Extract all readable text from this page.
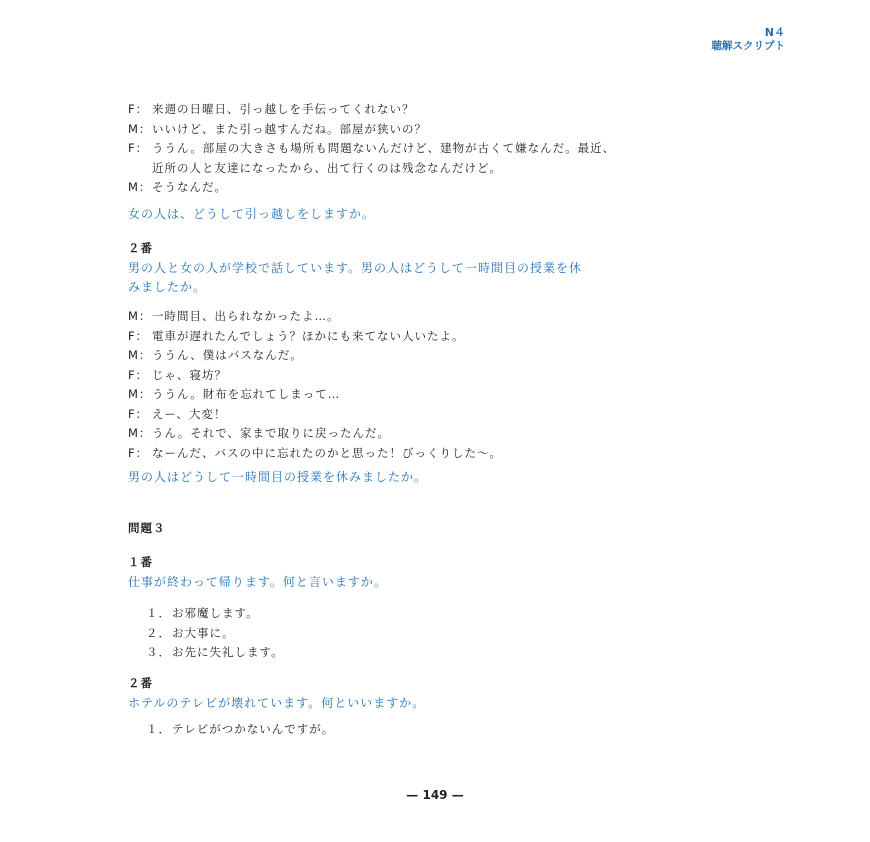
N４
聴解スクリプト
F： 来週の日曜日、引っ越しを手伝ってくれない？
M：いいけど、また引っ越すんだね。部屋が狭いの？
F： ううん。部屋の大きさも場所も問題ないんだけど、建物が古くて嫌なんだ。最近、
近所の人と友達になったから、出て行くのは残念なんだけど。
M：そうなんだ。
女の人は、どうして引っ越しをしますか。
２番
男の人と女の人が学校で話しています。男の人はどうして一時間目の授業を休
みましたか。
M：一時間目、出られなかったよ…。
F： 電車が遅れたんでしょう？ほかにも来てない人いたよ。
M：ううん、僕はバスなんだ。
F： じゃ、寝坊？
M：ううん。財布を忘れてしまって…
F： えー、大変！
M：うん。それで、家まで取りに戻ったんだ。
F： なーんだ、バスの中に忘れたのかと思った！びっくりした〜。
男の人はどうして一時間目の授業を休みましたか。
問題３
１番
仕事が終わって帰ります。何と言いますか。
１．お邪魔します。
２．お大事に。
３．お先に失礼します。
２番
ホテルのテレビが壊れています。何といいますか。
１．テレビがつかないんですが。
— 149 —
